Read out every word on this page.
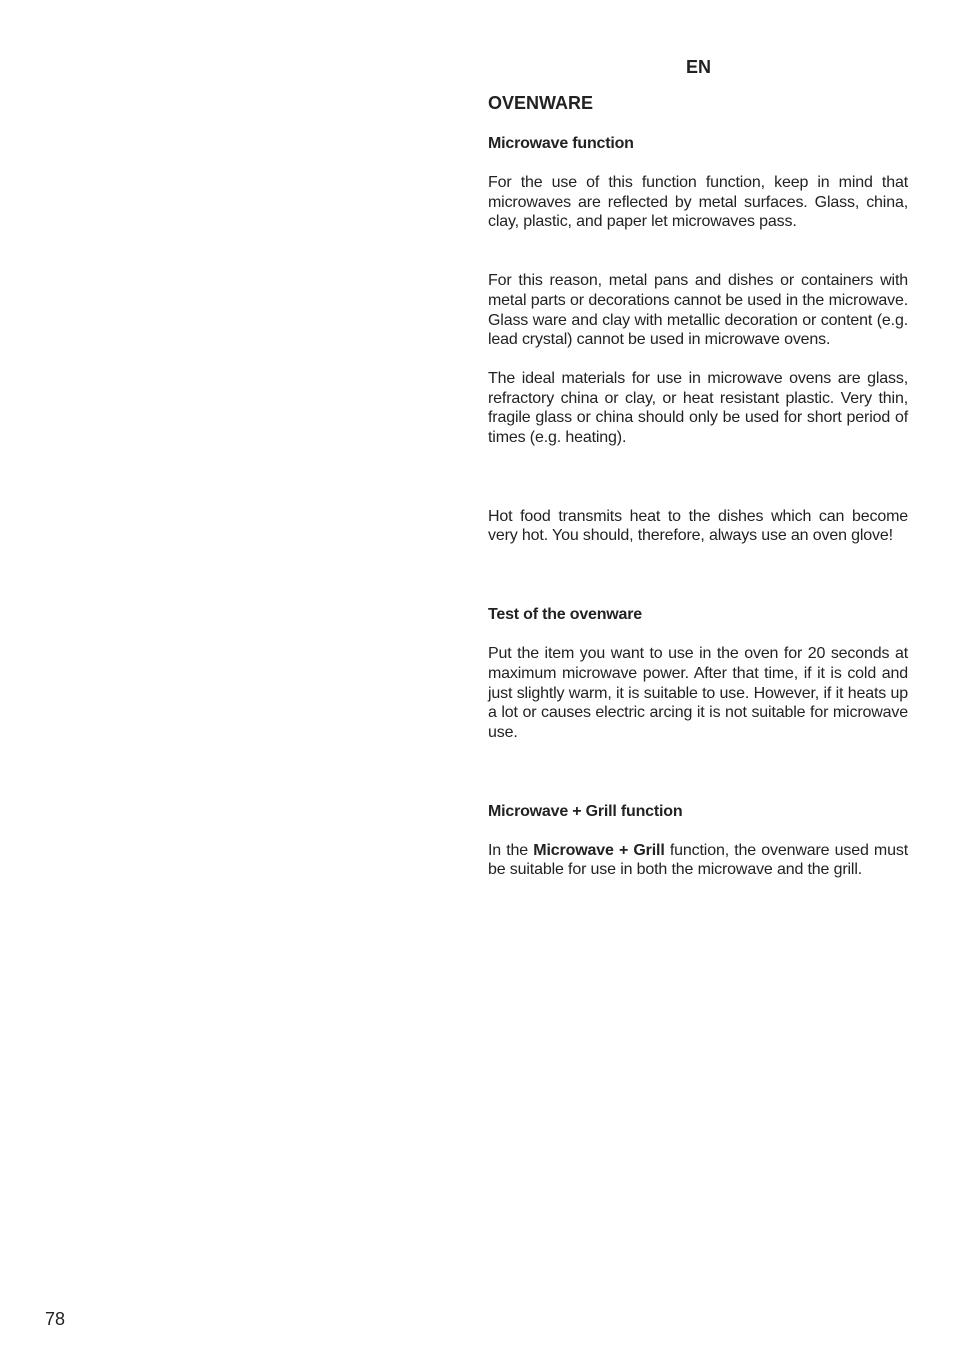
EN
OVENWARE
Microwave function

For the use of this function function, keep in mind that microwaves are reflected by metal surfaces. Glass, china, clay, plastic, and paper let microwaves pass.

For this reason, metal pans and dishes or containers with metal parts or decorations cannot be used in the microwave. Glass ware and clay with metallic decoration or content (e.g. lead crystal) cannot be used in microwave ovens.

The ideal materials for use in microwave ovens are glass, refractory china or clay, or heat resistant plastic. Very thin, fragile glass or china should only be used for short period of times (e.g. heating).

Hot food transmits heat to the dishes which can become very hot. You should, therefore, always use an oven glove!

Test of the ovenware

Put the item you want to use in the oven for 20 seconds at maximum microwave power. After that time, if it is cold and just slightly warm, it is suitable to use. However, if it heats up a lot or causes electric arcing it is not suitable for microwave use.

Microwave + Grill function

In the Microwave + Grill function, the ovenware used must be suitable for use in both the microwave and the grill.

78
